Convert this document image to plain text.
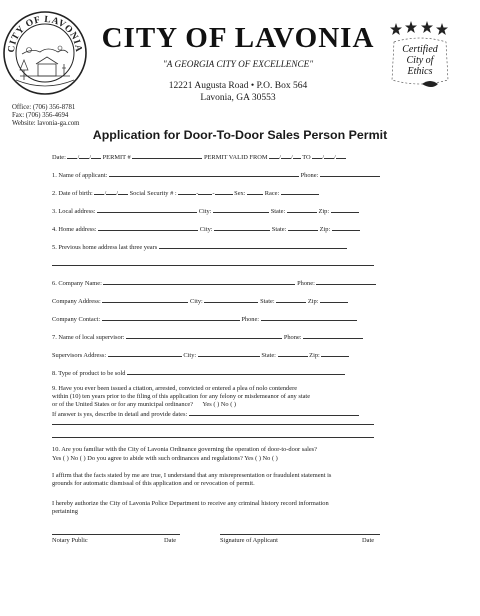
CITY OF LAVONIA CITY OF LAVONIA
"A GEORGIA CITY OF EXCELLENCE"
12221 Augusta Road • P.O. Box 564
Lavonia, GA 30553
Certified
City of
Ethics
Office: (706) 356-8781
Fax: (706) 356-4694
Website: lavonia-ga.com
Application for Door-To-Door Sales Person Permit
Date: / / PERMIT #	PERMIT VALID FROM / / TO / /
1. Name of applicant:	Phone:
2. Date of birth: / / Social Security # :	- -	Sex:	Race:
3. Local address:	City:	State:	Zip:
4. Home address:	City:	State:	Zip:
5. Previous home address last three years
6. Company Name:	Phone:
Company Address:	City:	State:	Zip:
Company Contact:	Phone:
7. Name of local supervisor:	Phone:
Supervisors Address:	City:	State:	Zip:
8. Type of product to be sold
9. Have you ever been issued a citation, arrested, convicted or entered a plea of nolo contendere
within (10) ten years prior to the filing of this application for any felony or misdemeanor of any state
or of the United States or for any municipal ordinance? Yes ( ) No ( )
If answer is yes, describe in detail and provide dates:
10. Are you familiar with the City of Lavonia Ordinance governing the operation of door-to-door sales?
Yes ( ) No ( ) Do you agree to abide with such ordinances and regulations? Yes ( ) No ( )
I affirm that the facts stated by me are true, I understand that any misrepresentation or fraudulent statement is
grounds for automatic dismissal of this application and or revocation of permit.
I hereby authorize the City of Lavonia Police Department to receive any criminal history record information
pertaining
Notary Public	Date	Signature of Applicant	Date
